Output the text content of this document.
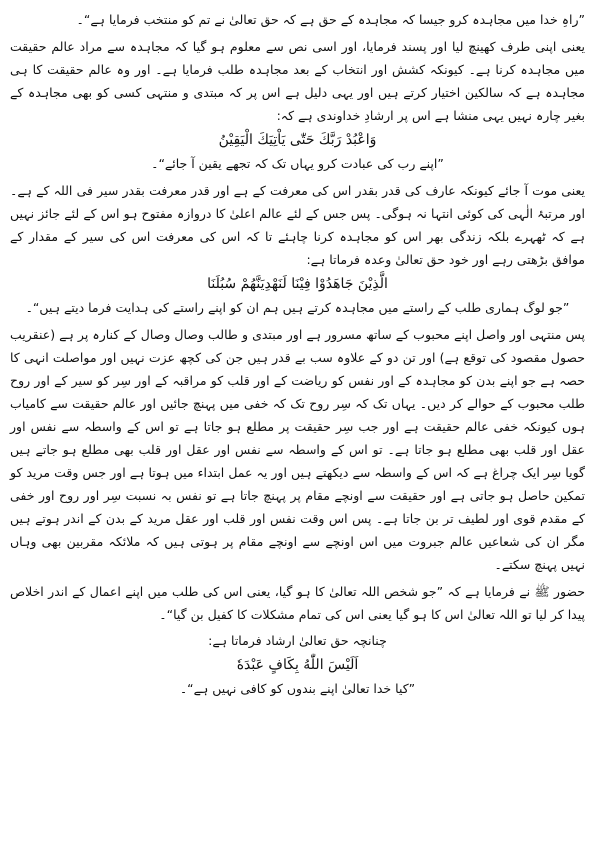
”راہِ خدا میں مجاہدہ کرو جیسا کہ مجاہدہ کے حق ہے کہ حق تعالیٰ نے تم کو منتخب فرمایا ہے“۔

یعنی اپنی طرف کھینچ لیا اور پسند فرمایا، اور اسی نص سے معلوم ہو گیا کہ مجاہدہ سے مراد عالم حقیقت میں مجاہدہ کرنا ہے۔ کیونکہ کشش اور انتخاب کے بعد مجاہدہ طلب فرمایا ہے۔ اور وہ عالم حقیقت کا ہی مجاہدہ ہے کہ سالکین اختیار کرتے ہیں اور یہی دلیل ہے اس پر کہ مبتدی و منتہی کسی کو بھی مجاہدہ کے بغیر چارہ نہیں یہی منشا ہے اس پر ارشادِ خداوندی ہے کہ:

وَاعْبُدْ رَبَّكَ حَتّٰى يَاْتِيَكَ الْيَقِيْنُ

”اپنے رب کی عبادت کرو یہاں تک کہ تجھے یقین آ جائے“۔

یعنی موت آ جائے کیونکہ عارف کی قدر بقدر اس کی معرفت کے ہے اور قدر معرفت بقدر سیر فی اللہ کے ہے۔ اور مرتبۂ الٰہی کی کوئی انتہا نہ ہوگی۔ پس جس کے لئے عالم اعلیٰ کا دروازہ مفتوح ہو اس کے لئے جائز نہیں ہے کہ ٹھہرے بلکہ زندگی بھر اس کو مجاہدہ کرنا چاہئے تا کہ اس کی معرفت اس کی سیر کے مقدار کے موافق بڑھتی رہے اور خود حق تعالیٰ وعدہ فرماتا ہے:

الَّذِيْنَ جَاهَدُوْا فِيْنَا لَنَهْدِيَنَّهُمْ سُبُلَنَا

”جو لوگ ہماری طلب کے راستے میں مجاہدہ کرتے ہیں ہم ان کو اپنے راستے کی ہدایت فرما دیتے ہیں“۔

پس منتہی اور واصل اپنے محبوب کے ساتھ مسرور ہے اور مبتدی و طالب وصال وصال کے کنارہ پر ہے (عنقریب حصول مقصود کی توقع ہے) اور تن دو کے علاوہ سب بے قدر ہیں جن کی کچھ عزت نہیں اور مواصلت انہی کا حصہ ہے جو اپنے بدن کو مجاہدہ کے اور نفس کو ریاضت کے اور قلب کو مراقبہ کے اور سِر کو سیر کے اور روح طلب محبوب کے حوالے کر دیں۔ یہاں تک کہ سِر روح تک کہ خفی میں پہنچ جائیں اور عالم حقیقت سے کامیاب ہوں کیونکہ خفی عالم حقیقت ہے اور جب سِر حقیقت پر مطلع ہو جاتا ہے تو اس کے واسطہ سے نفس اور عقل اور قلب بھی مطلع ہو جاتا ہے۔ تو اس کے واسطہ سے نفس اور عقل اور قلب بھی مطلع ہو جاتے ہیں گویا سِر ایک چراغ ہے کہ اس کے واسطہ سے دیکھتے ہیں اور یہ عمل ابتداء میں ہوتا ہے اور جس وقت مرید کو تمکین حاصل ہو جاتی ہے اور حقیقت سے اونچے مقام پر پہنچ جاتا ہے تو نفس بہ نسبت سِر اور روح اور خفی کے مقدم قوی اور لطیف تر بن جاتا ہے۔ پس اس وقت نفس اور قلب اور عقل مرید کے بدن کے اندر ہوتے ہیں مگر ان کی شعاعیں عالم جبروت میں اس اونچے سے اونچے مقام پر ہوتی ہیں کہ ملائکہ مقربین بھی وہاں نہیں پہنچ سکتے۔

حضور ﷺ نے فرمایا ہے کہ ”جو شخص اللہ تعالیٰ کا ہو گیا، یعنی اس کی طلب میں اپنے اعمال کے اندر اخلاص پیدا کر لیا تو اللہ تعالیٰ اس کا ہو گیا یعنی اس کی تمام مشکلات کا کفیل بن گیا“۔

چنانچہ حق تعالیٰ ارشاد فرماتا ہے:

اَلَيْسَ اللّٰهُ بِكَافٍ عَبْدَهٗ

”کیا خدا تعالیٰ اپنے بندوں کو کافی نہیں ہے“۔
